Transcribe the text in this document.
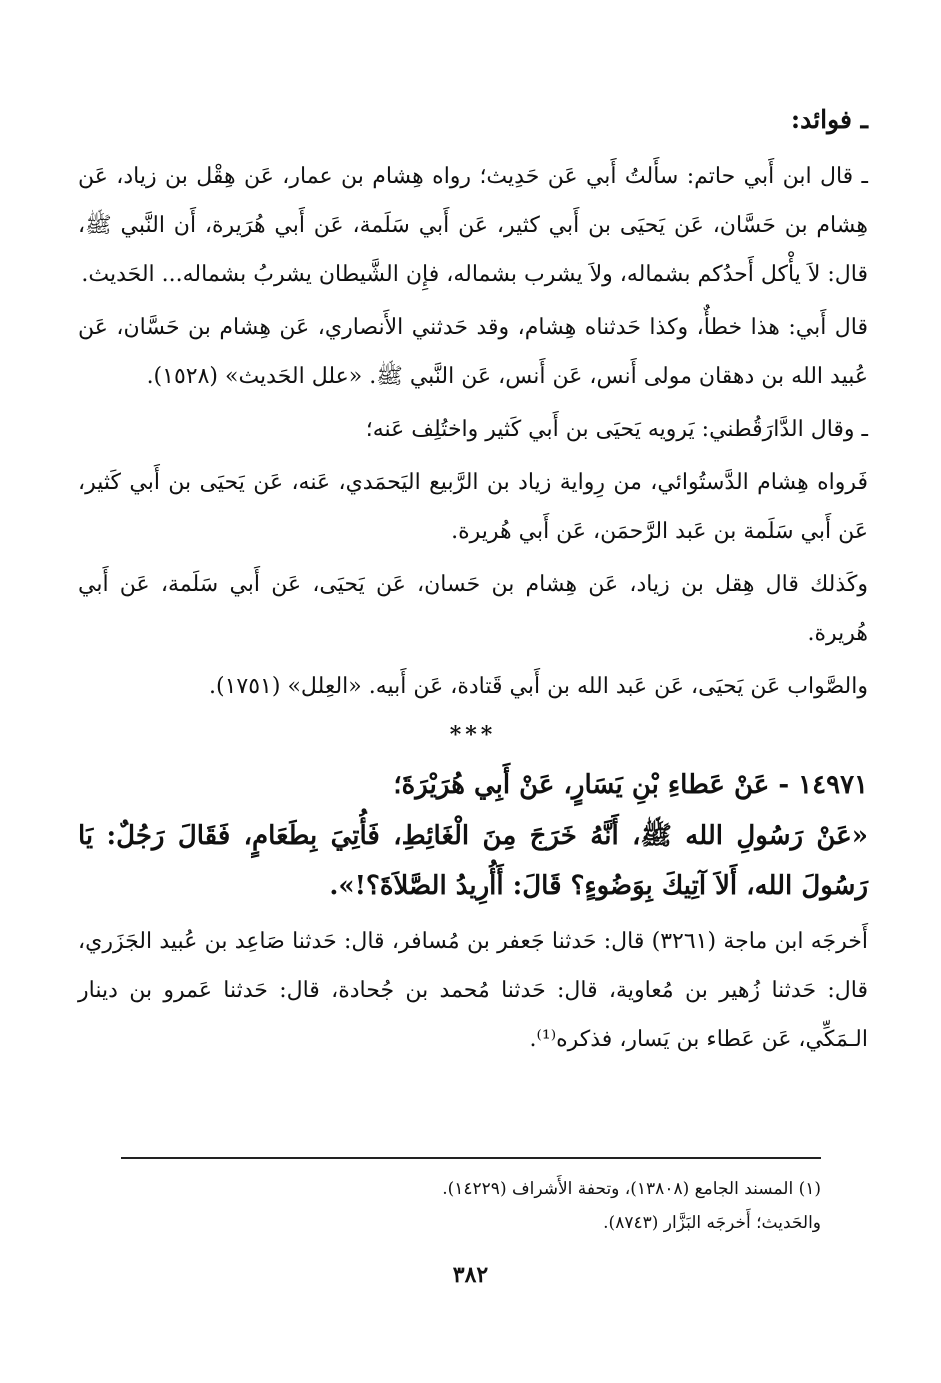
ـ فوائد:

ـ قال ابن أَبي حاتم: سأَلتُ أَبي عَن حَدِيث؛ رواه هِشام بن عمار، عَن هِقْل بن زياد، عَن هِشام بن حَسَّان، عَن يَحيَى بن أَبي كثير، عَن أَبي سَلَمة، عَن أَبي هُرَيرة، أَن النَّبي ﷺ، قال: لاَ يأْكل أَحدُكم بشماله، ولاَ يشرب بشماله، فإِن الشَّيطان يشربُ بشماله... الحَديث.

قال أَبي: هذا خطأٌ، وكذا حَدثناه هِشام، وقد حَدثني الأَنصاري، عَن هِشام بن حَسَّان، عَن عُبيد الله بن دهقان مولى أَنس، عَن أَنس، عَن النَّبي ﷺ. «علل الحَديث» (١٥٢٨).

ـ وقال الدَّارَقُطني: يَرويه يَحيَى بن أَبي كَثير واختُلِف عَنه؛

فَرواه هِشام الدَّستُوائي، من رِواية زياد بن الرَّبيع اليَحمَدي، عَنه، عَن يَحيَى بن أَبي كَثير، عَن أَبي سَلَمة بن عَبد الرَّحمَن، عَن أَبي هُريرة.

وكَذلك قال هِقل بن زياد، عَن هِشام بن حَسان، عَن يَحيَى، عَن أَبي سَلَمة، عَن أَبي هُريرة.

والصَّواب عَن يَحيَى، عَن عَبد الله بن أَبي قَتادة، عَن أَبيه. «العِلل» (١٧٥١).

***

١٤٩٧١ - عَنْ عَطاءِ بْنِ يَسَارٍ، عَنْ أَبِي هُرَيْرَةَ؛

«عَنْ رَسُولِ الله ﷺ، أَنَّهُ خَرَجَ مِنَ الْغَائِطِ، فَأُتِيَ بِطَعَامٍ، فَقَالَ رَجُلٌ: يَا رَسُولَ الله، أَلاَ آتِيكَ بِوَضُوءٍ؟ قَالَ: أَأُرِيدُ الصَّلاَةَ؟!».

أَخرجَه ابن ماجة (٣٢٦١) قال: حَدثنا جَعفر بن مُسافر، قال: حَدثنا صَاعِد بن عُبيد الجَزَري، قال: حَدثنا زُهير بن مُعاوية، قال: حَدثنا مُحمد بن جُحادة، قال: حَدثنا عَمرو بن دينار الـمَكِّي، عَن عَطاء بن يَسار، فذكره⁽¹⁾.

(١) المسند الجامع (١٣٨٠٨)، وتحفة الأَشراف (١٤٢٢٩).

والحَديث؛ أَخرجَه البَزَّار (٨٧٤٣).

٣٨٢
